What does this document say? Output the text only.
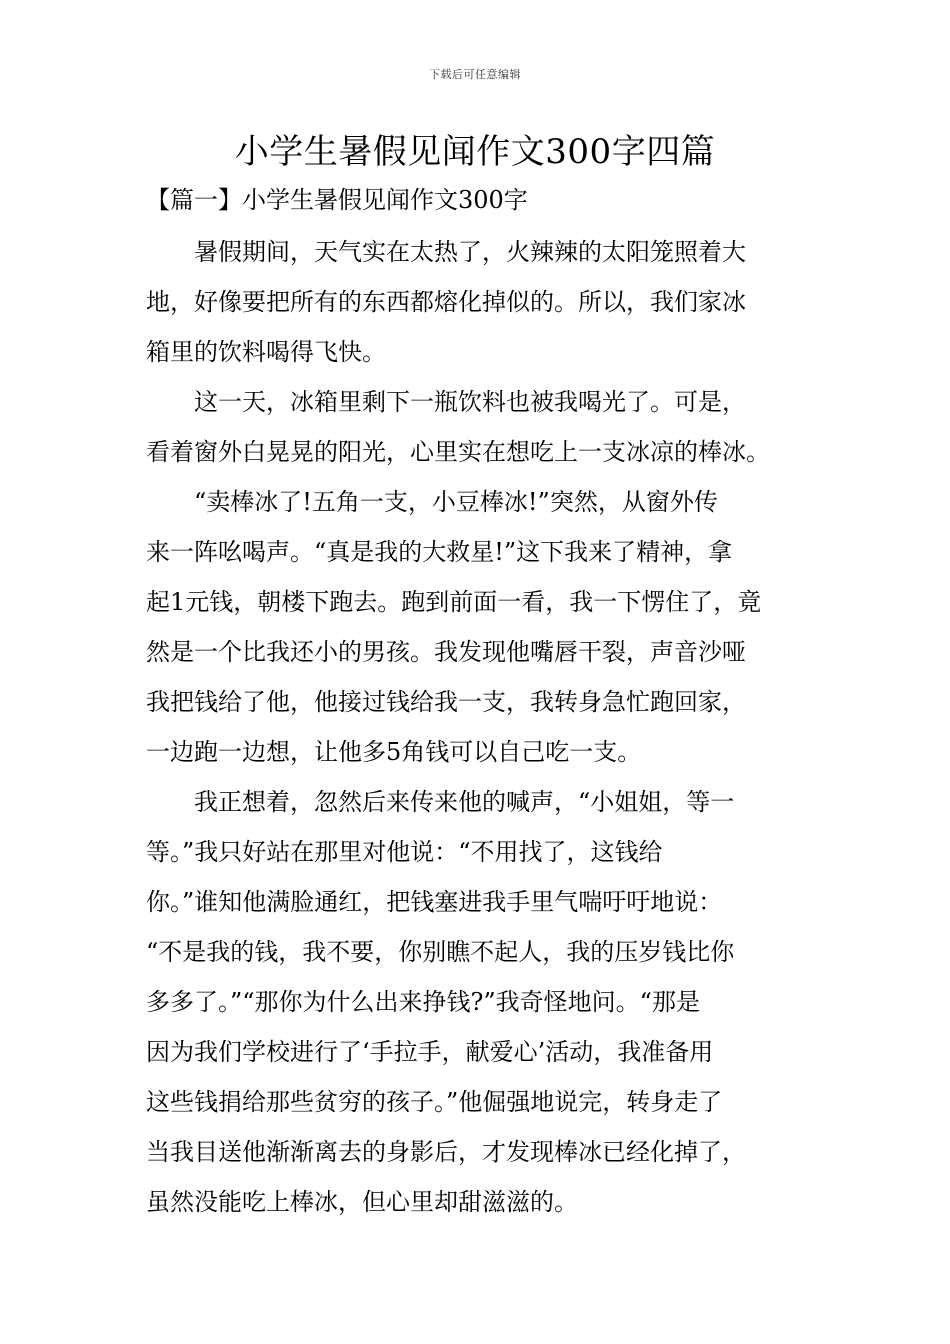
下载后可任意编辑
小学生暑假见闻作文300字四篇
【篇一】小学生暑假见闻作文300字
暑假期间，天气实在太热了，火辣辣的太阳笼照着大
地，好像要把所有的东西都熔化掉似的。所以，我们家冰
箱里的饮料喝得飞快。
这一天，冰箱里剩下一瓶饮料也被我喝光了。可是，
看着窗外白晃晃的阳光，心里实在想吃上一支冰凉的棒冰。
“卖棒冰了!五角一支，小豆棒冰!”突然，从窗外传
来一阵吆喝声。“真是我的大救星!”这下我来了精神，拿
起1元钱，朝楼下跑去。跑到前面一看，我一下愣住了，竟
然是一个比我还小的男孩。我发现他嘴唇干裂，声音沙哑
我把钱给了他，他接过钱给我一支，我转身急忙跑回家，
一边跑一边想，让他多5角钱可以自己吃一支。
我正想着，忽然后来传来他的喊声，“小姐姐，等一
等。”我只好站在那里对他说：“不用找了，这钱给
你。”谁知他满脸通红，把钱塞进我手里气喘吁吁地说：
“不是我的钱，我不要，你别瞧不起人，我的压岁钱比你
多多了。”“那你为什么出来挣钱?”我奇怪地问。“那是
因为我们学校进行了‘手拉手，献爱心’活动，我准备用
这些钱捐给那些贫穷的孩子。”他倔强地说完，转身走了
当我目送他渐渐离去的身影后，才发现棒冰已经化掉了，
虽然没能吃上棒冰，但心里却甜滋滋的。
